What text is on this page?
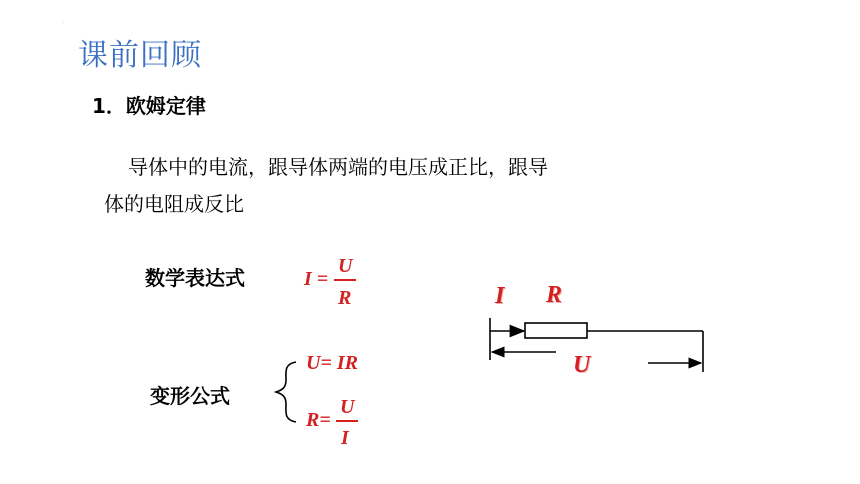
.
课前回顾
1．欧姆定律
导体中的电流，跟导体两端的电压成正比，跟导
体的电阻成反比
数学表达式	I =
U
R
变形公式
U= IR
R=
U
I
I R
U
